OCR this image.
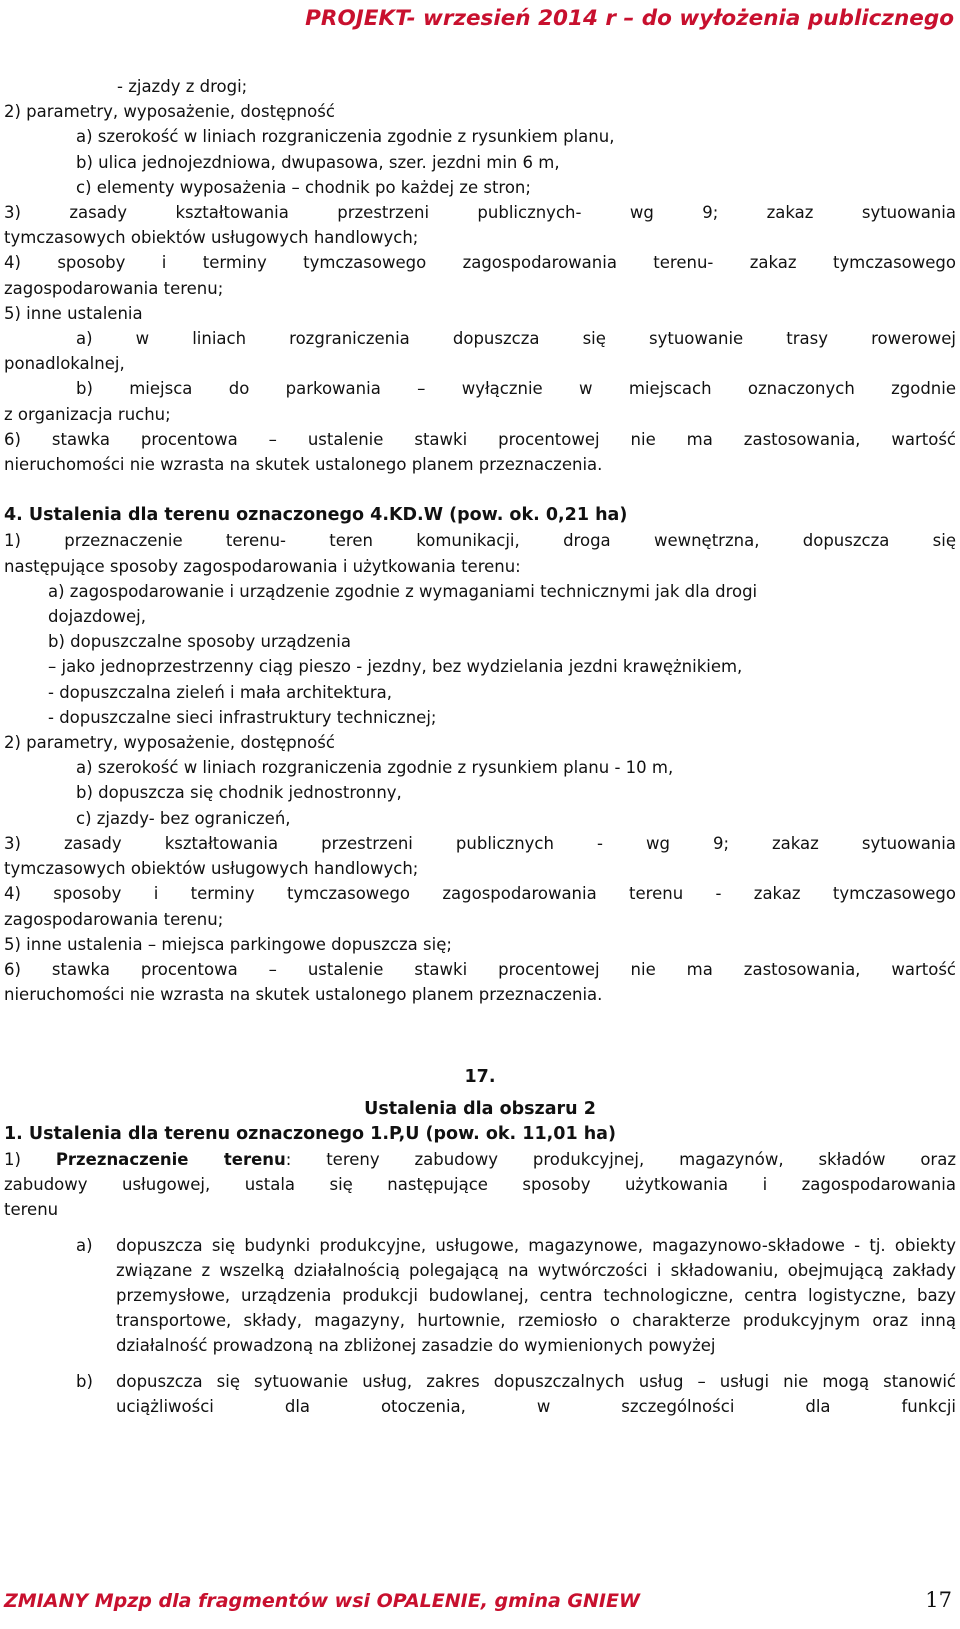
PROJEKT- wrzesień 2014 r – do wyłożenia publicznego
- zjazdy z drogi;
2) parametry, wyposażenie, dostępność
a) szerokość w liniach rozgraniczenia zgodnie z rysunkiem planu,
b) ulica jednojezdniowa, dwupasowa, szer. jezdni min 6 m,
c) elementy wyposażenia – chodnik po każdej ze stron;
3) zasady kształtowania przestrzeni publicznych- wg 9; zakaz sytuowania
tymczasowych obiektów usługowych handlowych;
4) sposoby i terminy tymczasowego zagospodarowania terenu- zakaz tymczasowego
zagospodarowania terenu;
5) inne ustalenia
a) w liniach rozgraniczenia dopuszcza się sytuowanie trasy rowerowej
ponadlokalnej,
b) miejsca do parkowania – wyłącznie w miejscach oznaczonych zgodnie
z organizacja ruchu;
6) stawka procentowa – ustalenie stawki procentowej nie ma zastosowania, wartość
nieruchomości nie wzrasta na skutek ustalonego planem przeznaczenia.
4. Ustalenia dla terenu oznaczonego 4.KD.W (pow. ok. 0,21 ha)
1) przeznaczenie terenu- teren komunikacji, droga wewnętrzna, dopuszcza się
następujące sposoby zagospodarowania i użytkowania terenu:
a) zagospodarowanie i urządzenie zgodnie z wymaganiami technicznymi jak dla drogi
dojazdowej,
b) dopuszczalne sposoby urządzenia
– jako jednoprzestrzenny ciąg pieszo - jezdny, bez wydzielania jezdni krawężnikiem,
- dopuszczalna zieleń i mała architektura,
- dopuszczalne sieci infrastruktury technicznej;
2) parametry, wyposażenie, dostępność
a) szerokość w liniach rozgraniczenia zgodnie z rysunkiem planu - 10 m,
b) dopuszcza się chodnik jednostronny,
c) zjazdy- bez ograniczeń,
3) zasady kształtowania przestrzeni publicznych - wg 9; zakaz sytuowania
tymczasowych obiektów usługowych handlowych;
4) sposoby i terminy tymczasowego zagospodarowania terenu - zakaz tymczasowego
zagospodarowania terenu;
5) inne ustalenia – miejsca parkingowe dopuszcza się;
6) stawka procentowa – ustalenie stawki procentowej nie ma zastosowania, wartość
nieruchomości nie wzrasta na skutek ustalonego planem przeznaczenia.
17.
Ustalenia dla obszaru 2
1. Ustalenia dla terenu oznaczonego 1.P,U (pow. ok. 11,01 ha)
1) Przeznaczenie terenu: tereny zabudowy produkcyjnej, magazynów, składów oraz
zabudowy usługowej, ustala się następujące sposoby użytkowania i zagospodarowania
terenu
a)	dopuszcza się budynki produkcyjne, usługowe, magazynowe, magazynowo-składowe - tj. obiekty związane z wszelką działalnością polegającą na wytwórczości i składowaniu, obejmującą zakłady przemysłowe, urządzenia produkcji budowlanej, centra technologiczne, centra logistyczne, bazy transportowe, składy, magazyny, hurtownie, rzemiosło o charakterze produkcyjnym oraz inną działalność prowadzoną na zbliżonej zasadzie do wymienionych powyżej
b)	dopuszcza się sytuowanie usług, zakres dopuszczalnych usług – usługi nie mogą stanowić uciążliwości dla otoczenia, w szczególności dla funkcji
ZMIANY Mpzp dla fragmentów wsi OPALENIE, gmina GNIEW	17
